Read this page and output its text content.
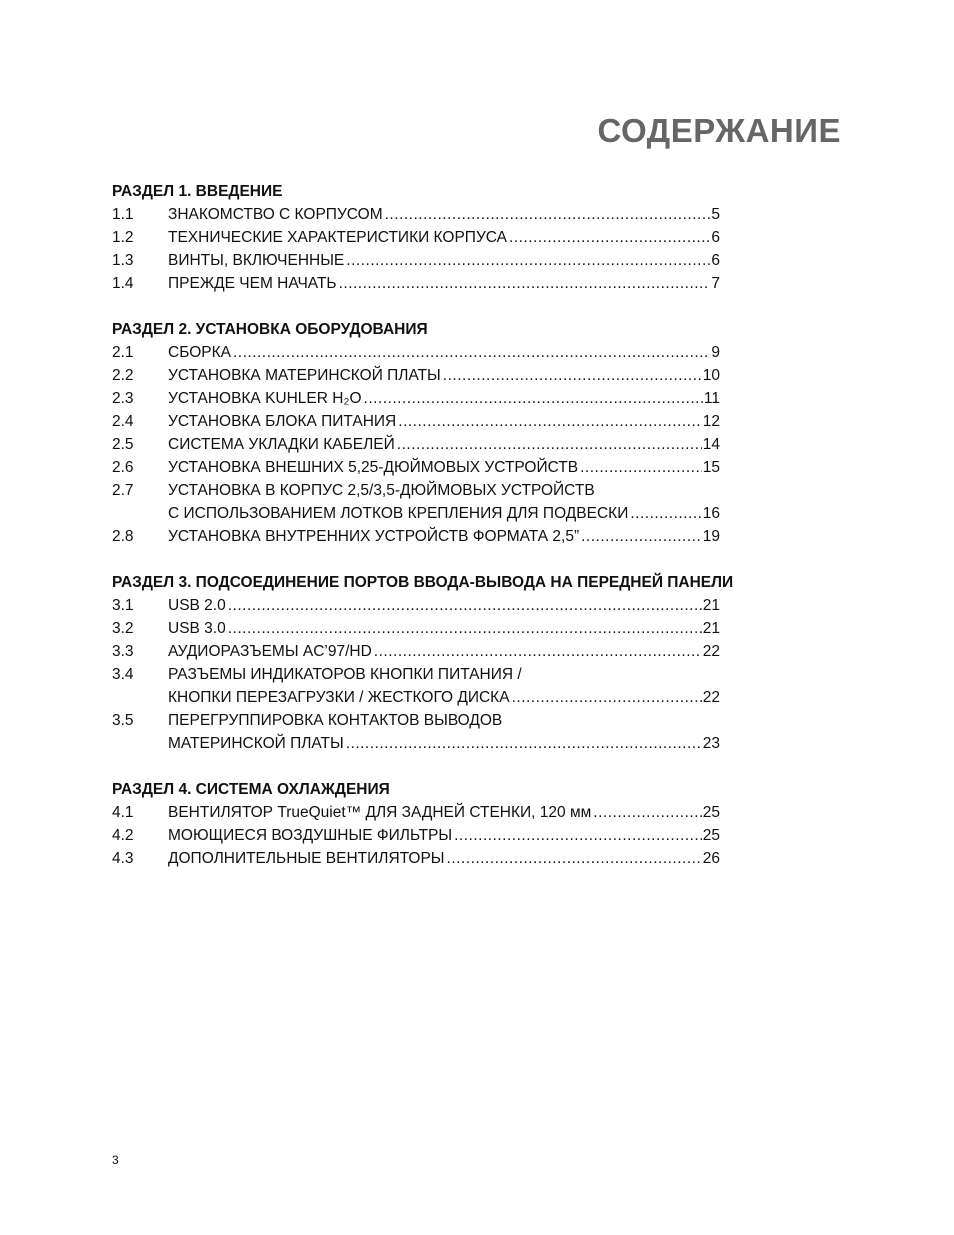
СОДЕРЖАНИЕ
РАЗДЕЛ 1. ВВЕДЕНИЕ
1.1	ЗНАКОМСТВО С КОРПУСОМ .....	5
1.2	ТЕХНИЧЕСКИЕ ХАРАКТЕРИСТИКИ КОРПУСА .....	6
1.3	ВИНТЫ, ВКЛЮЧЕННЫЕ .....	6
1.4	ПРЕЖДЕ ЧЕМ НАЧАТЬ .....	7
РАЗДЕЛ 2. УСТАНОВКА ОБОРУДОВАНИЯ
2.1	СБОРКА .....	9
2.2	УСТАНОВКА МАТЕРИНСКОЙ ПЛАТЫ .....	10
2.3	УСТАНОВКА KUHLER H₂O .....	11
2.4	УСТАНОВКА БЛОКА ПИТАНИЯ .....	12
2.5	СИСТЕМА УКЛАДКИ КАБЕЛЕЙ .....	14
2.6	УСТАНОВКА ВНЕШНИХ 5,25-ДЮЙМОВЫХ УСТРОЙСТВ .....	15
2.7	УСТАНОВКА В КОРПУС 2,5/3,5-ДЮЙМОВЫХ УСТРОЙСТВ
С ИСПОЛЬЗОВАНИЕМ ЛОТКОВ КРЕПЛЕНИЯ ДЛЯ ПОДВЕСКИ .....	16
2.8	УСТАНОВКА ВНУТРЕННИХ УСТРОЙСТВ ФОРМАТА 2,5” .....	19
РАЗДЕЛ 3. ПОДСОЕДИНЕНИЕ ПОРТОВ ВВОДА-ВЫВОДА НА ПЕРЕДНЕЙ ПАНЕЛИ
3.1	USB 2.0 .....	21
3.2	USB 3.0 .....	21
3.3	АУДИОРАЗЪЕМЫ AC’97/HD .....	22
3.4	РАЗЪЕМЫ ИНДИКАТОРОВ КНОПКИ ПИТАНИЯ /
КНОПКИ ПЕРЕЗАГРУЗКИ / ЖЕСТКОГО ДИСКА .....	22
3.5	ПЕРЕГРУППИРОВКА КОНТАКТОВ ВЫВОДОВ
МАТЕРИНСКОЙ ПЛАТЫ .....	23
РАЗДЕЛ 4. СИСТЕМА ОХЛАЖДЕНИЯ
4.1	ВЕНТИЛЯТОР TrueQuiet™ ДЛЯ ЗАДНЕЙ СТЕНКИ, 120 мм .....	25
4.2	МОЮЩИЕСЯ ВОЗДУШНЫЕ ФИЛЬТРЫ .....	25
4.3	ДОПОЛНИТЕЛЬНЫЕ ВЕНТИЛЯТОРЫ .....	26
3
